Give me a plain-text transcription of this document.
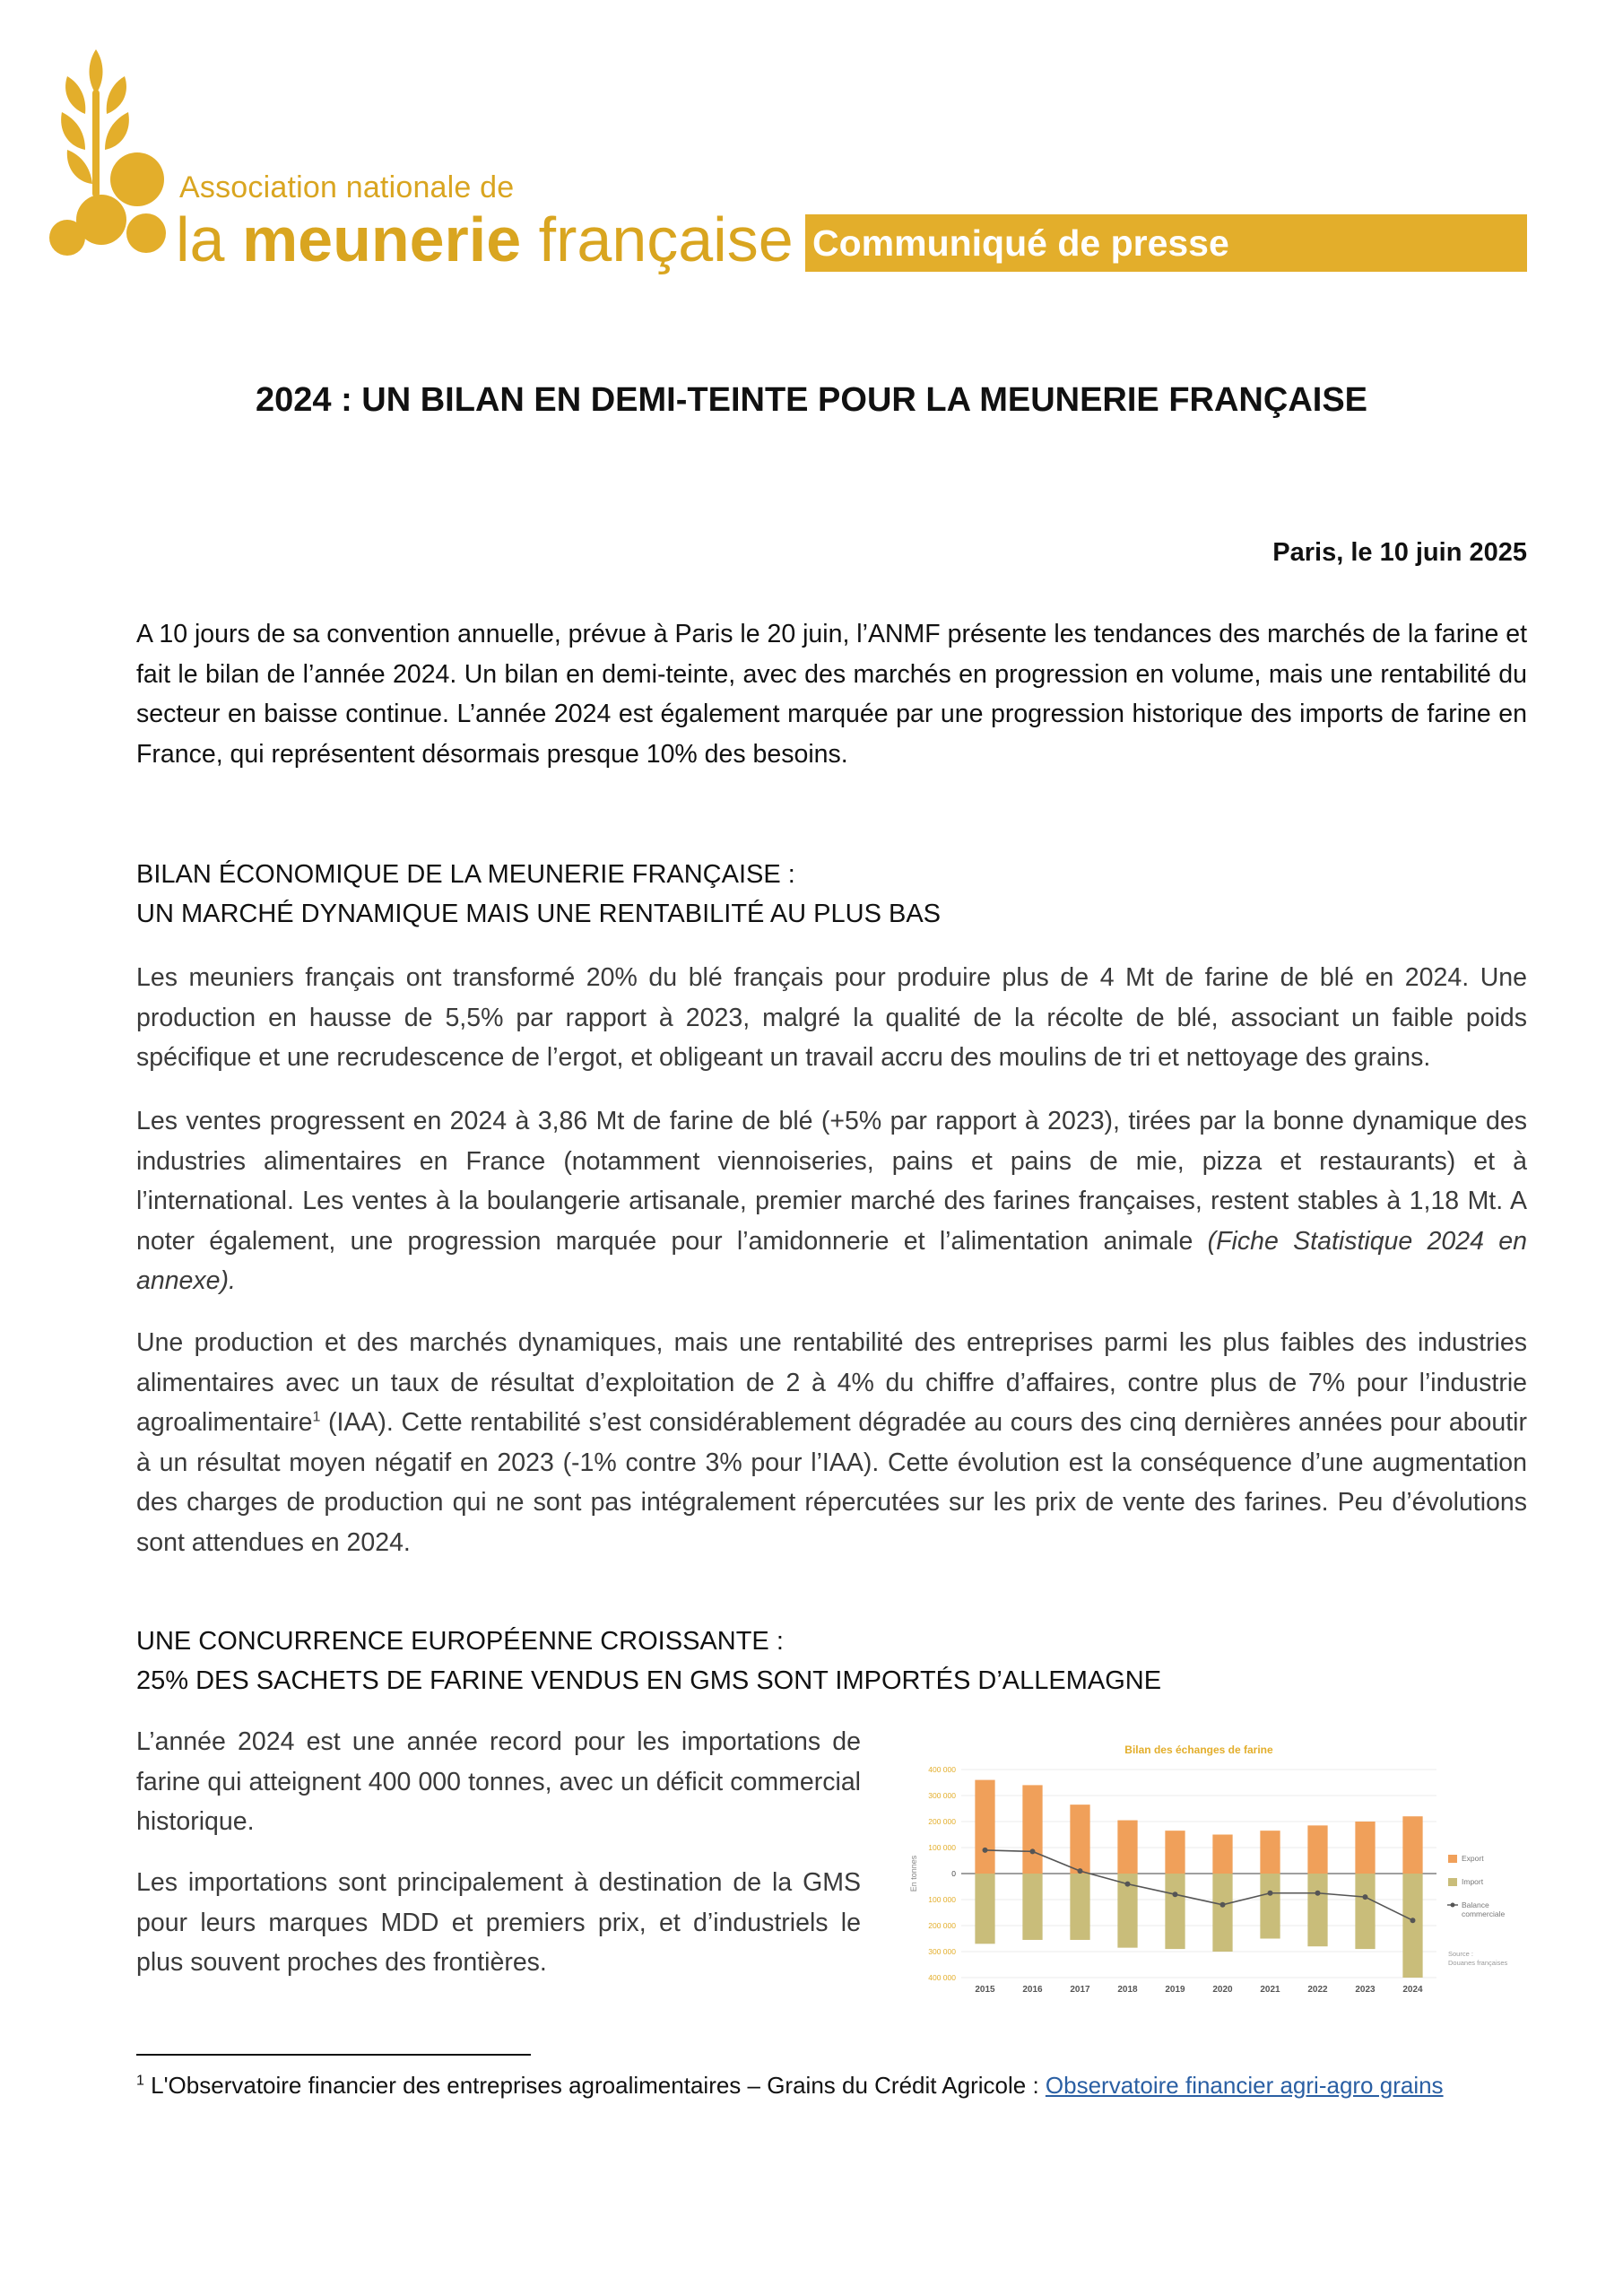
Association nationale de
la meunerie française Communiqué de presse
2024 : UN BILAN EN DEMI-TEINTE POUR LA MEUNERIE FRANÇAISE
Paris, le 10 juin 2025
A 10 jours de sa convention annuelle, prévue à Paris le 20 juin, l’ANMF présente les tendances des marchés de la farine et fait le bilan de l’année 2024. Un bilan en demi-teinte, avec des marchés en progression en volume, mais une rentabilité du secteur en baisse continue. L’année 2024 est également marquée par une progression historique des imports de farine en France, qui représentent désormais presque 10% des besoins.
BILAN ÉCONOMIQUE DE LA MEUNERIE FRANÇAISE :
UN MARCHÉ DYNAMIQUE MAIS UNE RENTABILITÉ AU PLUS BAS
Les meuniers français ont transformé 20% du blé français pour produire plus de 4 Mt de farine de blé en 2024. Une production en hausse de 5,5% par rapport à 2023, malgré la qualité de la récolte de blé, associant un faible poids spécifique et une recrudescence de l’ergot, et obligeant un travail accru des moulins de tri et nettoyage des grains.
Les ventes progressent en 2024 à 3,86 Mt de farine de blé (+5% par rapport à 2023), tirées par la bonne dynamique des industries alimentaires en France (notamment viennoiseries, pains et pains de mie, pizza et restaurants) et à l’international. Les ventes à la boulangerie artisanale, premier marché des farines françaises, restent stables à 1,18 Mt. A noter également, une progression marquée pour l’amidonnerie et l’alimentation animale (Fiche Statistique 2024 en annexe).
Une production et des marchés dynamiques, mais une rentabilité des entreprises parmi les plus faibles des industries alimentaires avec un taux de résultat d’exploitation de 2 à 4% du chiffre d’affaires, contre plus de 7% pour l’industrie agroalimentaire$^1$ (IAA). Cette rentabilité s’est considérablement dégradée au cours des cinq dernières années pour aboutir à un résultat moyen négatif en 2023 (-1% contre 3% pour l’IAA). Cette évolution est la conséquence d’une augmentation des charges de production qui ne sont pas intégralement répercutées sur les prix de vente des farines. Peu d’évolutions sont attendues en 2024.
UNE CONCURRENCE EUROPÉENNE CROISSANTE :
25% DES SACHETS DE FARINE VENDUS EN GMS SONT IMPORTÉS D’ALLEMAGNE
L’année 2024 est une année record pour les importations de farine qui atteignent 400 000 tonnes, avec un déficit commercial historique.
Les importations sont principalement à destination de la GMS pour leurs marques MDD et premiers prix, et d’industriels le plus souvent proches des frontières.
Bilan des échanges de farine
En tonnes
400 000
300 000
200 000
100 000
0
100 000
200 000
300 000
400 000
2015	2016	2017	2018	2019	2020	2021	2022	2023	2024
Export
Import
Balance
commerciale
Source :
Douanes françaises
$^1$ L'Observatoire financier des entreprises agroalimentaires – Grains du Crédit Agricole : Observatoire financier agri-agro grains
